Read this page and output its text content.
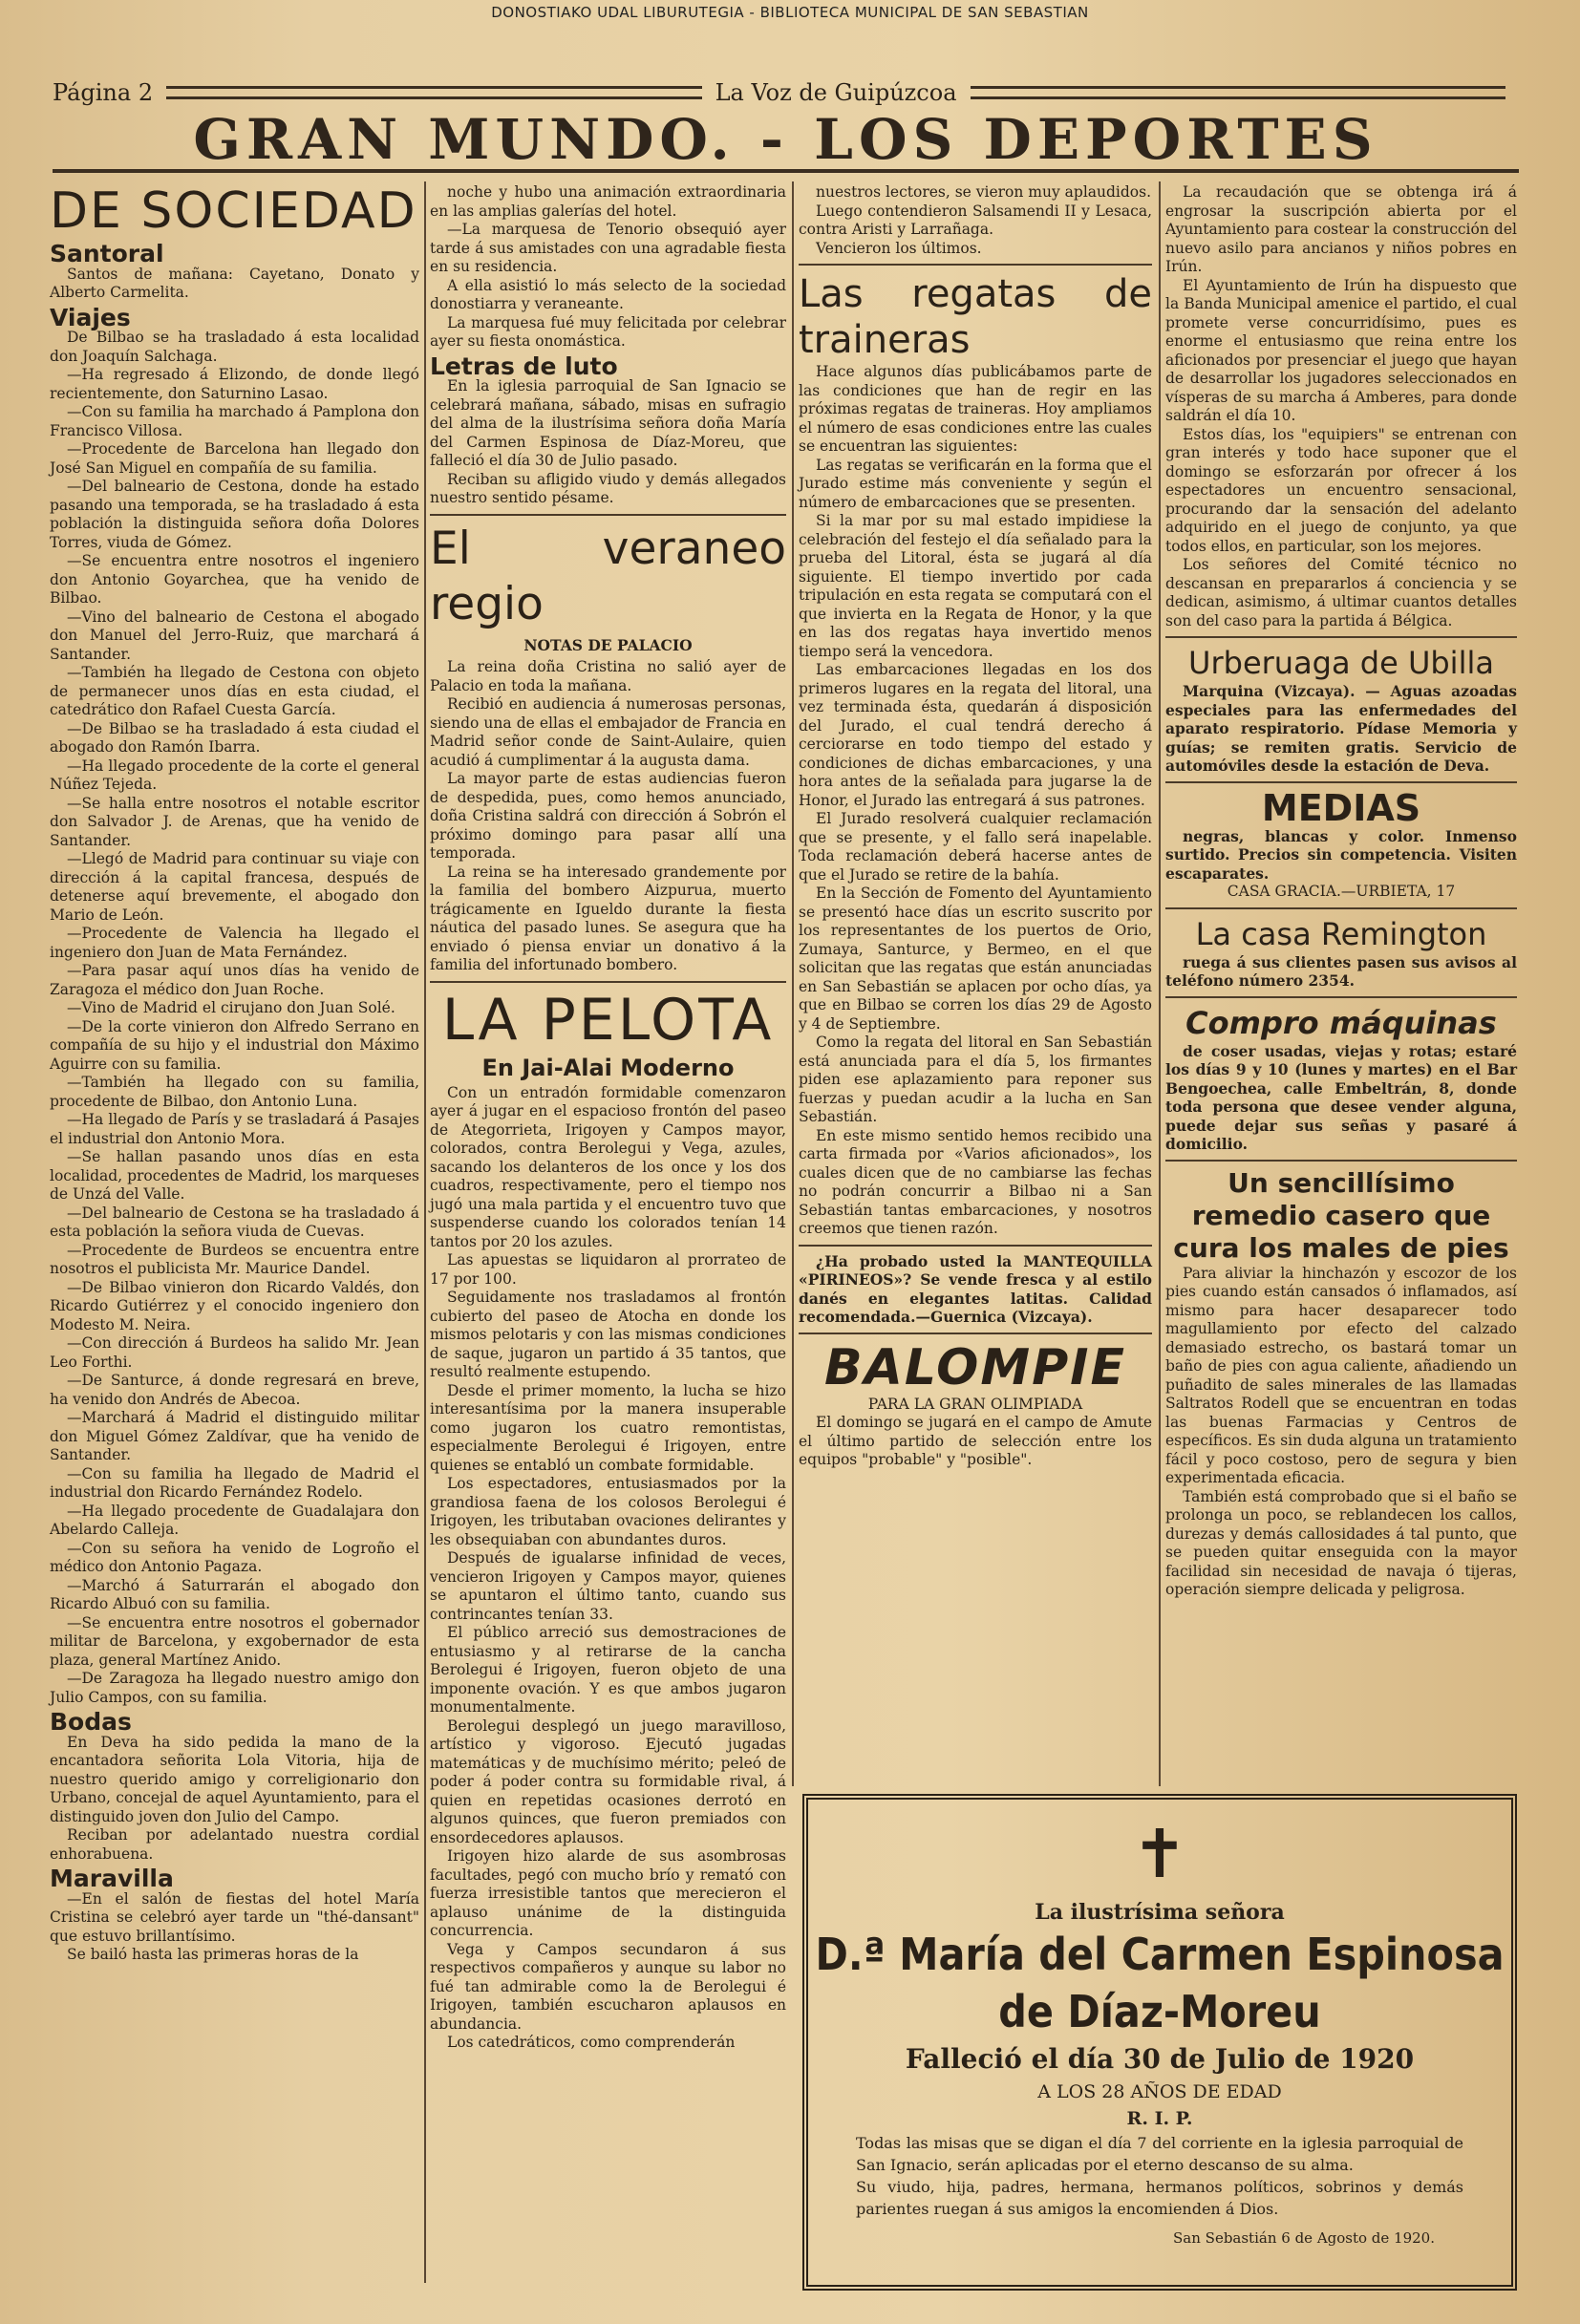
DONOSTIAKO UDAL LIBURUTEGIA - BIBLIOTECA MUNICIPAL DE SAN SEBASTIAN
Página 2	La Voz de Guipúzcoa
GRAN MUNDO. - LOS DEPORTES
DE SOCIEDAD
Santoral

Santos de mañana: Cayetano, Donato y Alberto Carmelita.

Viajes

De Bilbao se ha trasladado á esta localidad don Joaquín Salchaga.

—Ha regresado á Elizondo, de donde llegó recientemente, don Saturnino Lasao.

—Con su familia ha marchado á Pamplona don Francisco Villosa.

—Procedente de Barcelona han llegado don José San Miguel en compañía de su familia.

—Del balneario de Cestona, donde ha estado pasando una temporada, se ha trasladado á esta población la distinguida señora doña Dolores Torres, viuda de Gómez.

—Se encuentra entre nosotros el ingeniero don Antonio Goyarchea, que ha venido de Bilbao.

—Vino del balneario de Cestona el abogado don Manuel del Jerro-Ruiz, que marchará á Santander.

—También ha llegado de Cestona con objeto de permanecer unos días en esta ciudad, el catedrático don Rafael Cuesta García.

—De Bilbao se ha trasladado á esta ciudad el abogado don Ramón Ibarra.

—Ha llegado procedente de la corte el general Núñez Tejeda.

—Se halla entre nosotros el notable escritor don Salvador J. de Arenas, que ha venido de Santander.

—Llegó de Madrid para continuar su viaje con dirección á la capital francesa, después de detenerse aquí brevemente, el abogado don Mario de León.

—Procedente de Valencia ha llegado el ingeniero don Juan de Mata Fernández.

—Para pasar aquí unos días ha venido de Zaragoza el médico don Juan Roche.

—Vino de Madrid el cirujano don Juan Solé.

—De la corte vinieron don Alfredo Serrano en compañía de su hijo y el industrial don Máximo Aguirre con su familia.

—También ha llegado con su familia, procedente de Bilbao, don Antonio Luna.

—Ha llegado de París y se trasladará á Pasajes el industrial don Antonio Mora.

—Se hallan pasando unos días en esta localidad, procedentes de Madrid, los marqueses de Unzá del Valle.

—Del balneario de Cestona se ha trasladado á esta población la señora viuda de Cuevas.

—Procedente de Burdeos se encuentra entre nosotros el publicista Mr. Maurice Dandel.

—De Bilbao vinieron don Ricardo Valdés, don Ricardo Gutiérrez y el conocido ingeniero don Modesto M. Neira.

—Con dirección á Burdeos ha salido Mr. Jean Leo Forthi.

—De Santurce, á donde regresará en breve, ha venido don Andrés de Abecoa.

—Marchará á Madrid el distinguido militar don Miguel Gómez Zaldívar, que ha venido de Santander.

—Con su familia ha llegado de Madrid el industrial don Ricardo Fernández Rodelo.

—Ha llegado procedente de Guadalajara don Abelardo Calleja.

—Con su señora ha venido de Logroño el médico don Antonio Pagaza.

—Marchó á Saturrarán el abogado don Ricardo Albuó con su familia.

—Se encuentra entre nosotros el gobernador militar de Barcelona, y exgobernador de esta plaza, general Martínez Anido.

—De Zaragoza ha llegado nuestro amigo don Julio Campos, con su familia.

Bodas

En Deva ha sido pedida la mano de la encantadora señorita Lola Vitoria, hija de nuestro querido amigo y correligionario don Urbano, concejal de aquel Ayuntamiento, para el distinguido joven don Julio del Campo.

Reciban por adelantado nuestra cordial enhorabuena.

Maravilla

—En el salón de fiestas del hotel María Cristina se celebró ayer tarde un "thé-dansant" que estuvo brillantísimo.

Se bailó hasta las primeras horas de la

noche y hubo una animación extraordinaria en las amplias galerías del hotel.

—La marquesa de Tenorio obsequió ayer tarde á sus amistades con una agradable fiesta en su residencia.

A ella asistió lo más selecto de la sociedad donostiarra y veraneante.

La marquesa fué muy felicitada por celebrar ayer su fiesta onomástica.

Letras de luto

En la iglesia parroquial de San Ignacio se celebrará mañana, sábado, misas en sufragio del alma de la ilustrísima señora doña María del Carmen Espinosa de Díaz-Moreu, que falleció el día 30 de Julio pasado.

Reciban su afligido viudo y demás allegados nuestro sentido pésame.

El veraneo regio

NOTAS DE PALACIO

La reina doña Cristina no salió ayer de Palacio en toda la mañana.

Recibió en audiencia á numerosas personas, siendo una de ellas el embajador de Francia en Madrid señor conde de Saint-Aulaire, quien acudió á cumplimentar á la augusta dama.

La mayor parte de estas audiencias fueron de despedida, pues, como hemos anunciado, doña Cristina saldrá con dirección á Sobrón el próximo domingo para pasar allí una temporada.

La reina se ha interesado grandemente por la familia del bombero Aizpurua, muerto trágicamente en Igueldo durante la fiesta náutica del pasado lunes. Se asegura que ha enviado ó piensa enviar un donativo á la familia del infortunado bombero.

LA PELOTA
En Jai-Alai Moderno

Con un entradón formidable comenzaron ayer á jugar en el espacioso frontón del paseo de Ategorrieta, Irigoyen y Campos mayor, colorados, contra Berolegui y Vega, azules, sacando los delanteros de los once y los dos cuadros, respectivamente, pero el tiempo nos jugó una mala partida y el encuentro tuvo que suspenderse cuando los colorados tenían 14 tantos por 20 los azules.

Las apuestas se liquidaron al prorrateo de 17 por 100.

Seguidamente nos trasladamos al frontón cubierto del paseo de Atocha en donde los mismos pelotaris y con las mismas condiciones de saque, jugaron un partido á 35 tantos, que resultó realmente estupendo.

Desde el primer momento, la lucha se hizo interesantísima por la manera insuperable como jugaron los cuatro remontistas, especialmente Berolegui é Irigoyen, entre quienes se entabló un combate formidable.

Los espectadores, entusiasmados por la grandiosa faena de los colosos Berolegui é Irigoyen, les tributaban ovaciones delirantes y les obsequiaban con abundantes duros.

Después de igualarse infinidad de veces, vencieron Irigoyen y Campos mayor, quienes se apuntaron el último tanto, cuando sus contrincantes tenían 33.

El público arreció sus demostraciones de entusiasmo y al retirarse de la cancha Berolegui é Irigoyen, fueron objeto de una imponente ovación. Y es que ambos jugaron monumentalmente.

Berolegui desplegó un juego maravilloso, artístico y vigoroso. Ejecutó jugadas matemáticas y de muchísimo mérito; peleó de poder á poder contra su formidable rival, á quien en repetidas ocasiones derrotó en algunos quinces, que fueron premiados con ensordecedores aplausos.

Irigoyen hizo alarde de sus asombrosas facultades, pegó con mucho brío y remató con fuerza irresistible tantos que merecieron el aplauso unánime de la distinguida concurrencia.

Vega y Campos secundaron á sus respectivos compañeros y aunque su labor no fué tan admirable como la de Berolegui é Irigoyen, también escucharon aplausos en abundancia.

Los catedráticos, como comprenderán

nuestros lectores, se vieron muy aplaudidos.

Luego contendieron Salsamendi II y Lesaca, contra Aristi y Larrañaga.

Vencieron los últimos.

Las regatas de traineras

Hace algunos días publicábamos parte de las condiciones que han de regir en las próximas regatas de traineras. Hoy ampliamos el número de esas condiciones entre las cuales se encuentran las siguientes:

Las regatas se verificarán en la forma que el Jurado estime más conveniente y según el número de embarcaciones que se presenten.

Si la mar por su mal estado impidiese la celebración del festejo el día señalado para la prueba del Litoral, ésta se jugará al día siguiente. El tiempo invertido por cada tripulación en esta regata se computará con el que invierta en la Regata de Honor, y la que en las dos regatas haya invertido menos tiempo será la vencedora.

Las embarcaciones llegadas en los dos primeros lugares en la regata del litoral, una vez terminada ésta, quedarán á disposición del Jurado, el cual tendrá derecho á cerciorarse en todo tiempo del estado y condiciones de dichas embarcaciones, y una hora antes de la señalada para jugarse la de Honor, el Jurado las entregará á sus patrones.

El Jurado resolverá cualquier reclamación que se presente, y el fallo será inapelable. Toda reclamación deberá hacerse antes de que el Jurado se retire de la bahía.

En la Sección de Fomento del Ayuntamiento se presentó hace días un escrito suscrito por los representantes de los puertos de Orio, Zumaya, Santurce, y Bermeo, en el que solicitan que las regatas que están anunciadas en San Sebastián se aplacen por ocho días, ya que en Bilbao se corren los días 29 de Agosto y 4 de Septiembre.

Como la regata del litoral en San Sebastián está anunciada para el día 5, los firmantes piden ese aplazamiento para reponer sus fuerzas y puedan acudir a la lucha en San Sebastián.

En este mismo sentido hemos recibido una carta firmada por «Varios aficionados», los cuales dicen que de no cambiarse las fechas no podrán concurrir a Bilbao ni a San Sebastián tantas embarcaciones, y nosotros creemos que tienen razón.

¿Ha probado usted la MANTEQUILLA «PIRINEOS»? Se vende fresca y al estilo danés en elegantes latitas. Calidad recomendada.—Guernica (Vizcaya).

BALOMPIE

PARA LA GRAN OLIMPIADA

El domingo se jugará en el campo de Amute el último partido de selección entre los equipos "probable" y "posible".

La recaudación que se obtenga irá á engrosar la suscripción abierta por el Ayuntamiento para costear la construcción del nuevo asilo para ancianos y niños pobres en Irún.

El Ayuntamiento de Irún ha dispuesto que la Banda Municipal amenice el partido, el cual promete verse concurridísimo, pues es enorme el entusiasmo que reina entre los aficionados por presenciar el juego que hayan de desarrollar los jugadores seleccionados en vísperas de su marcha á Amberes, para donde saldrán el día 10.

Estos días, los "equipiers" se entrenan con gran interés y todo hace suponer que el domingo se esforzarán por ofrecer á los espectadores un encuentro sensacional, procurando dar la sensación del adelanto adquirido en el juego de conjunto, ya que todos ellos, en particular, son los mejores.

Los señores del Comité técnico no descansan en prepararlos á conciencia y se dedican, asimismo, á ultimar cuantos detalles son del caso para la partida á Bélgica.

Urberuaga de Ubilla

Marquina (Vizcaya). — Aguas azoadas especiales para las enfermedades del aparato respiratorio. Pídase Memoria y guías; se remiten gratis. Servicio de automóviles desde la estación de Deva.

MEDIAS

negras, blancas y color. Inmenso surtido. Precios sin competencia. Visiten escaparates.

CASA GRACIA.—URBIETA, 17

La casa Remington

ruega á sus clientes pasen sus avisos al teléfono número 2354.

Compro máquinas

de coser usadas, viejas y rotas; estaré los días 9 y 10 (lunes y martes) en el Bar Bengoechea, calle Embeltrán, 8, donde toda persona que desee vender alguna, puede dejar sus señas y pasaré á domicilio.

Un sencillísimo remedio casero que cura los males de pies

Para aliviar la hinchazón y escozor de los pies cuando están cansados ó inflamados, así mismo para hacer desaparecer todo magullamiento por efecto del calzado demasiado estrecho, os bastará tomar un baño de pies con agua caliente, añadiendo un puñadito de sales minerales de las llamadas Saltratos Rodell que se encuentran en todas las buenas Farmacias y Centros de específicos. Es sin duda alguna un tratamiento fácil y poco costoso, pero de segura y bien experimentada eficacia.

También está comprobado que si el baño se prolonga un poco, se reblandecen los callos, durezas y demás callosidades á tal punto, que se pueden quitar enseguida con la mayor facilidad sin necesidad de navaja ó tijeras, operación siempre delicada y peligrosa.

✝
La ilustrísima señora
D.ª María del Carmen Espinosa de Díaz-Moreu
Falleció el día 30 de Julio de 1920
A LOS 28 AÑOS DE EDAD
R. I. P.
Todas las misas que se digan el día 7 del corriente en la iglesia parroquial de San Ignacio, serán aplicadas por el eterno descanso de su alma.
Su viudo, hija, padres, hermana, hermanos políticos, sobrinos y demás parientes ruegan á sus amigos la encomienden á Dios.
San Sebastián 6 de Agosto de 1920.
